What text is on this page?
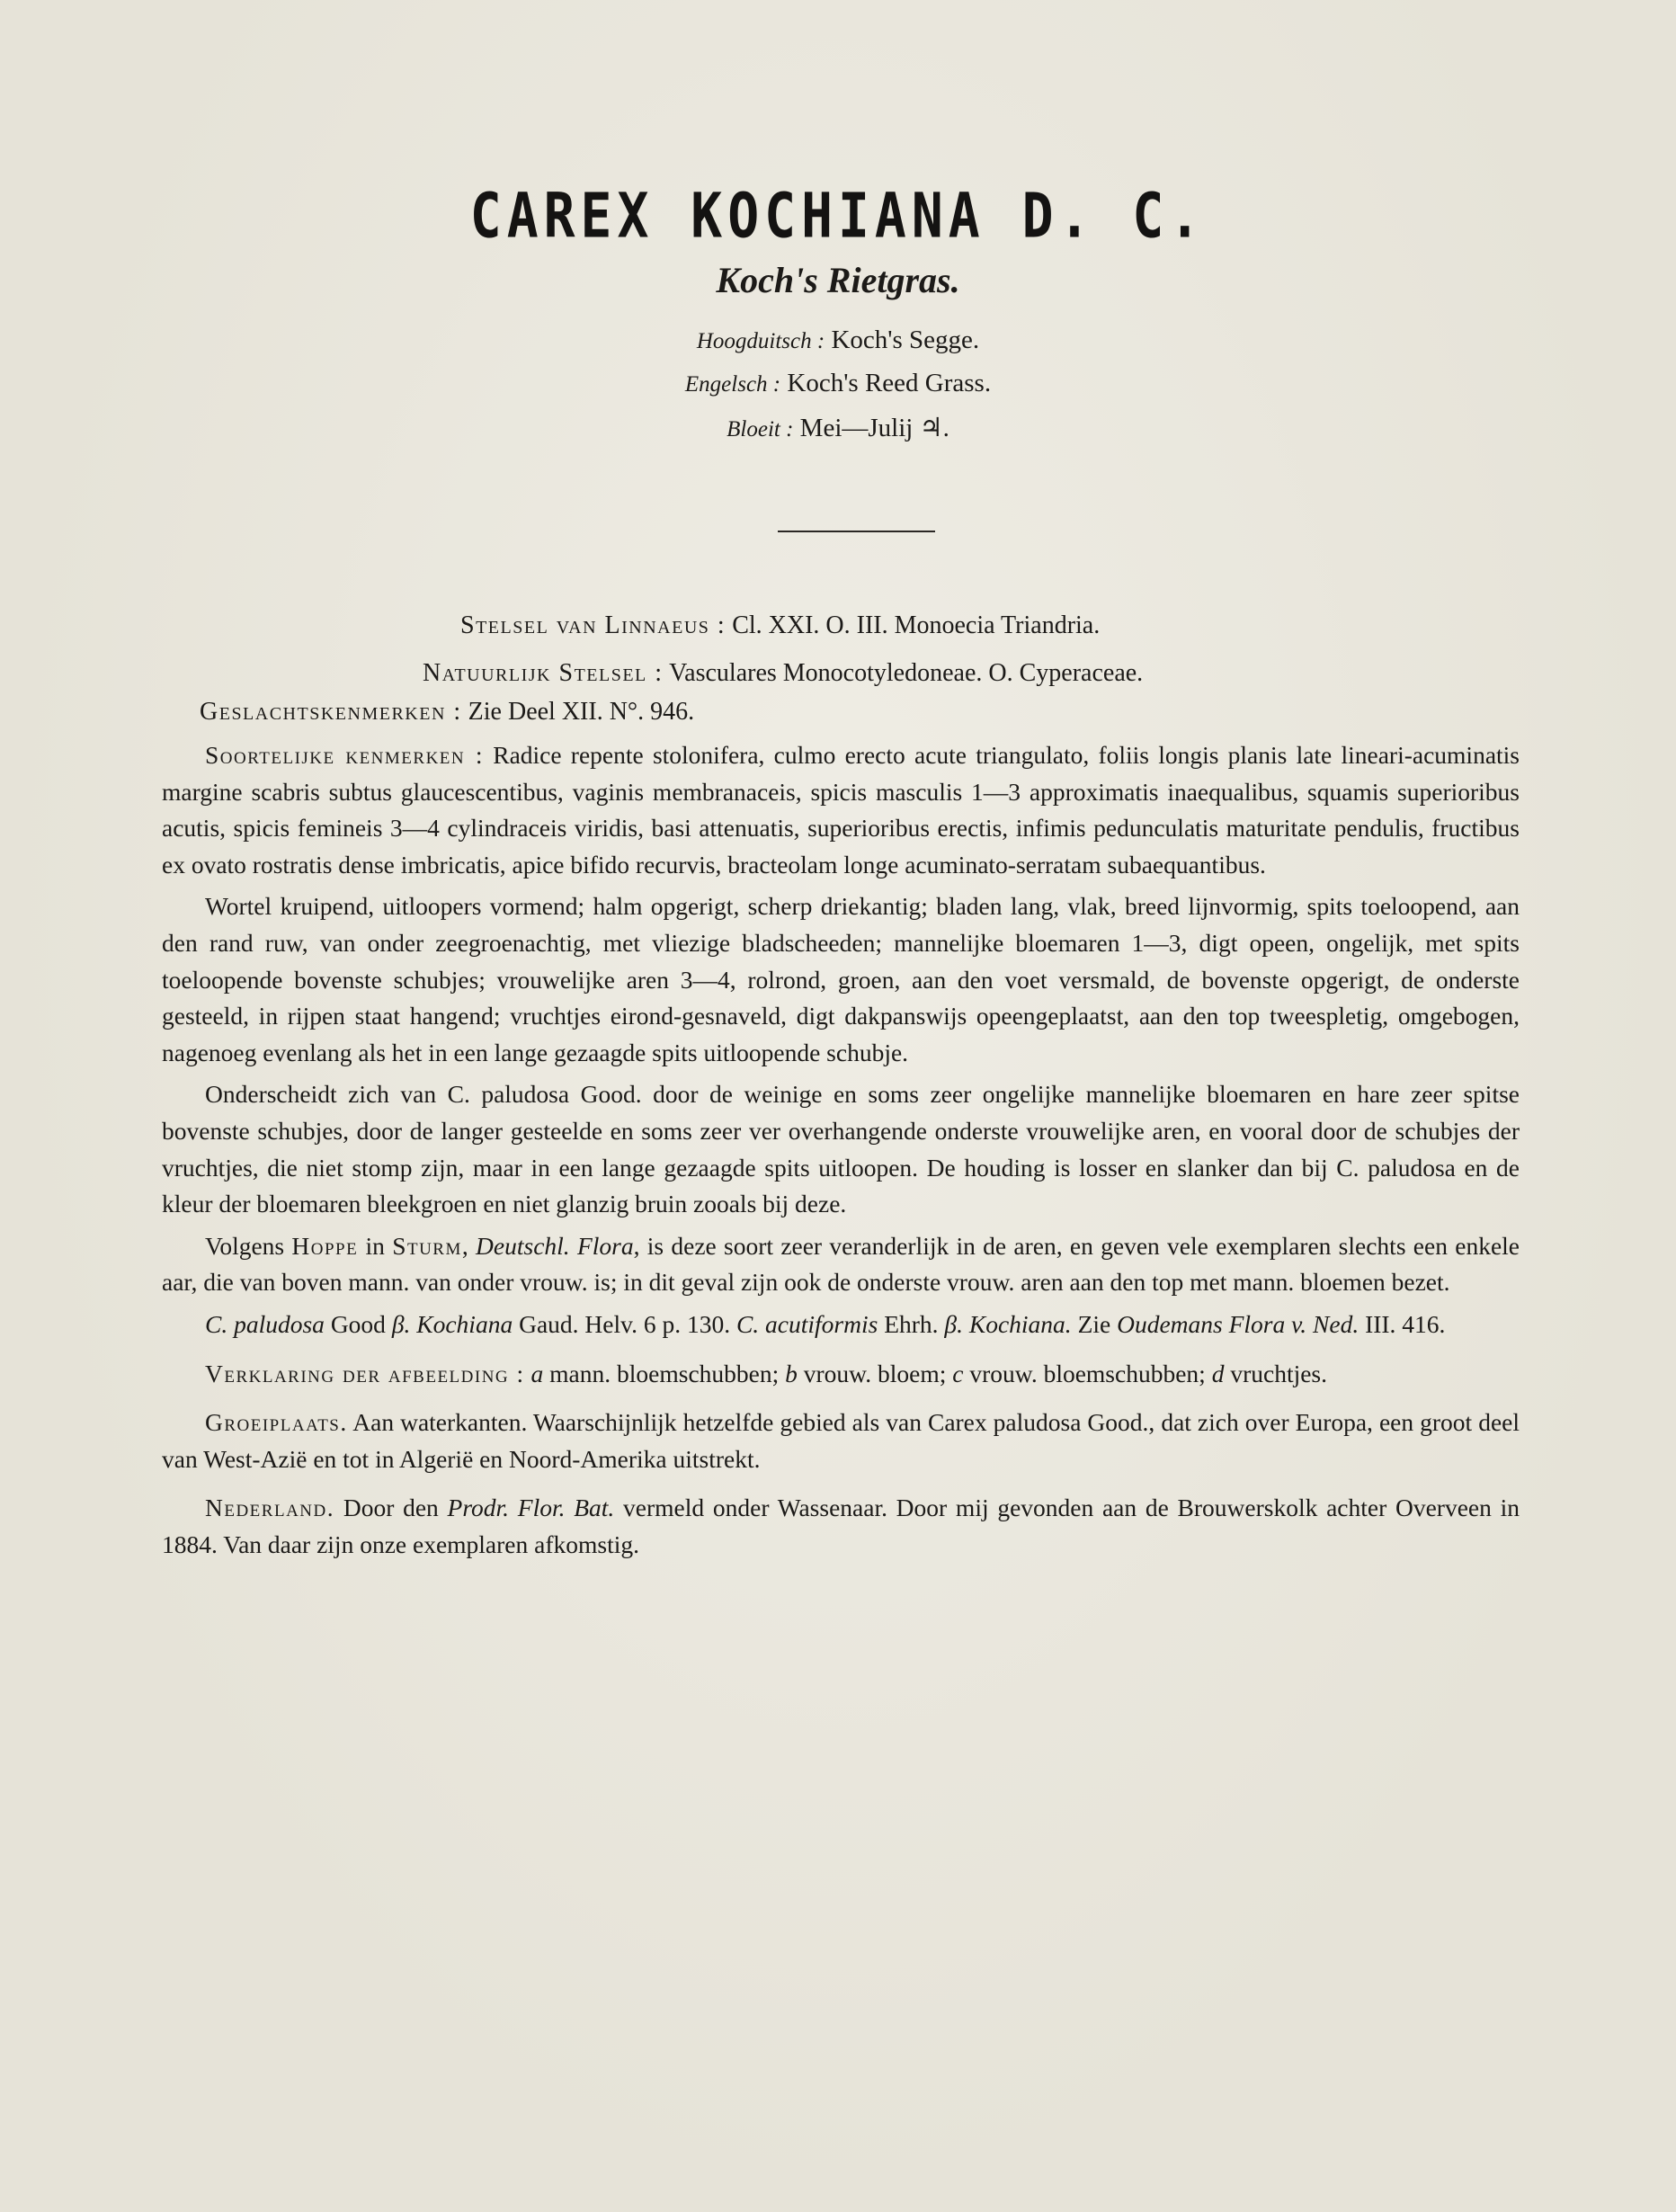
CAREX KOCHIANA D. C.
Koch's Rietgras.
Hoogduitsch : Koch's Segge.
Engelsch : Koch's Reed Grass.
Bloeit : Mei—Julij ♃.
Stelsel van Linnaeus : Cl. XXI. O. III. Monoecia Triandria.
Natuurlijk Stelsel : Vasculares Monocotyledoneae. O. Cyperaceae.
Geslachtskenmerken : Zie Deel XII. N°. 946.

Soortelijke kenmerken : Radice repente stolonifera, culmo erecto acute triangulato, foliis longis planis late lineari-acuminatis margine scabris subtus glaucescentibus, vaginis membranaceis, spicis masculis 1—3 approximatis inaequalibus, squamis superioribus acutis, spicis femineis 3—4 cylindraceis viridis, basi attenuatis, superioribus erectis, infimis pedunculatis maturitate pendulis, fructibus ex ovato rostratis dense imbricatis, apice bifido recurvis, bracteolam longe acuminato-serratam subaequantibus.

Wortel kruipend, uitloopers vormend; halm opgerigt, scherp driekantig; bladen lang, vlak, breed lijnvormig, spits toeloopend, aan den rand ruw, van onder zeegroenachtig, met vliezige bladscheeden; mannelijke bloemaren 1—3, digt opeen, ongelijk, met spits toeloopende bovenste schubjes; vrouwelijke aren 3—4, rolrond, groen, aan den voet versmald, de bovenste opgerigt, de onderste gesteeld, in rijpen staat hangend; vruchtjes eirond-gesnaveld, digt dakpanswijs opeengeplaatst, aan den top tweespletig, omgebogen, nagenoeg evenlang als het in een lange gezaagde spits uitloopende schubje.

Onderscheidt zich van C. paludosa Good. door de weinige en soms zeer ongelijke mannelijke bloemaren en hare zeer spitse bovenste schubjes, door de langer gesteelde en soms zeer ver overhangende onderste vrouwelijke aren, en vooral door de schubjes der vruchtjes, die niet stomp zijn, maar in een lange gezaagde spits uitloopen. De houding is losser en slanker dan bij C. paludosa en de kleur der bloemaren bleekgroen en niet glanzig bruin zooals bij deze.

Volgens Hoppe in Sturm, Deutschl. Flora, is deze soort zeer veranderlijk in de aren, en geven vele exemplaren slechts een enkele aar, die van boven mann. van onder vrouw. is; in dit geval zijn ook de onderste vrouw. aren aan den top met mann. bloemen bezet.

C. paludosa Good β. Kochiana Gaud. Helv. 6 p. 130. C. acutiformis Ehrh. β. Kochiana. Zie Oudemans Flora v. Ned. III. 416.

Verklaring der afbeelding : a mann. bloemschubben; b vrouw. bloem; c vrouw. bloemschubben; d vruchtjes.

Groeiplaats. Aan waterkanten. Waarschijnlijk hetzelfde gebied als van Carex paludosa Good., dat zich over Europa, een groot deel van West-Azië en tot in Algerië en Noord-Amerika uitstrekt.

Nederland. Door den Prodr. Flor. Bat. vermeld onder Wassenaar. Door mij gevonden aan de Brouwerskolk achter Overveen in 1884. Van daar zijn onze exemplaren afkomstig.
